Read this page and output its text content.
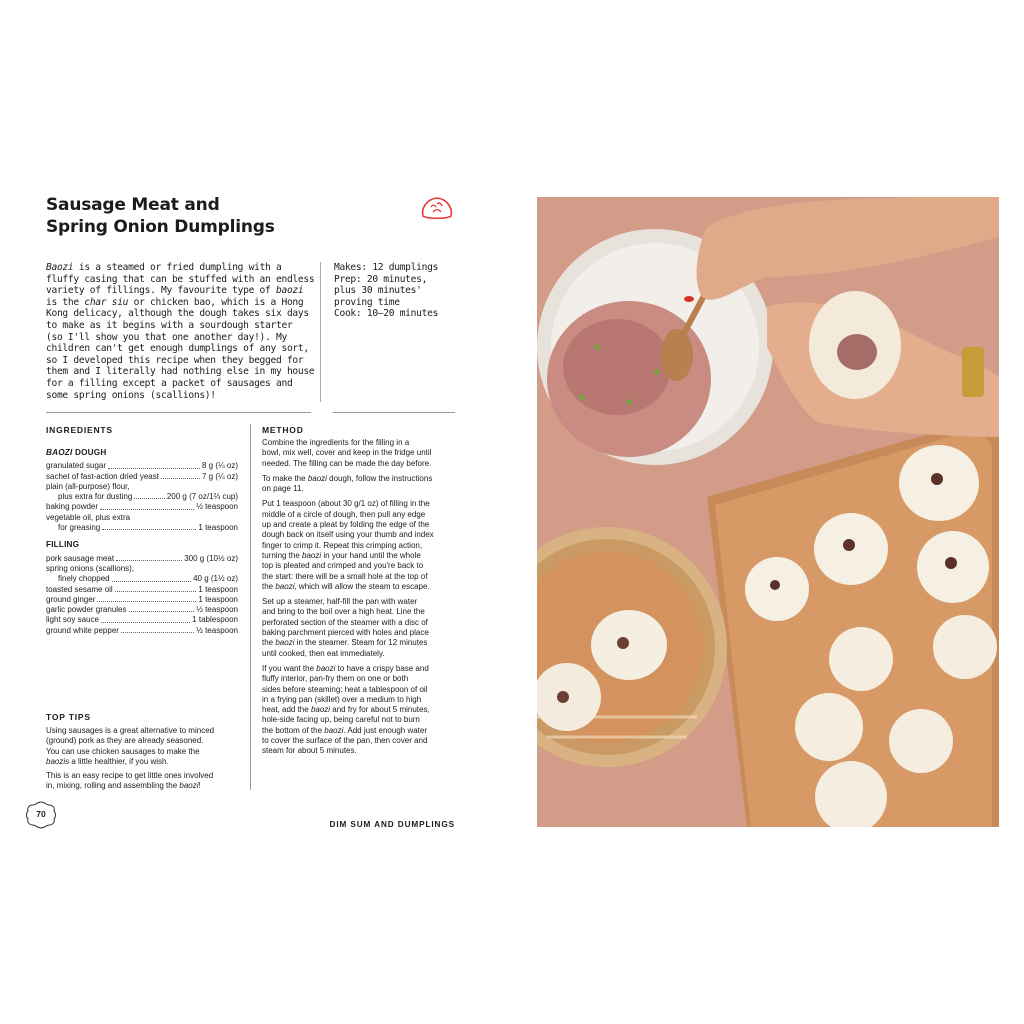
Sausage Meat and
Spring Onion Dumplings
Baozi is a steamed or fried dumpling with a
fluffy casing that can be stuffed with an endless
variety of fillings. My favourite type of baozi
is the char siu or chicken bao, which is a Hong
Kong delicacy, although the dough takes six days
to make as it begins with a sourdough starter
(so I'll show you that one another day!). My
children can't get enough dumplings of any sort,
so I developed this recipe when they begged for
them and I literally had nothing else in my house
for a filling except a packet of sausages and
some spring onions (scallions)!
Makes: 12 dumplings
Prep: 20 minutes,
plus 30 minutes'
proving time
Cook: 10–20 minutes
INGREDIENTS	METHOD
BAOZI DOUGH
granulated sugar	8 g (¼ oz)
sachet of fast-action dried yeast	7 g (¼ oz)
plain (all-purpose) flour,
plus extra for dusting	200 g (7 oz/1⅔ cup)
baking powder	½ teaspoon
vegetable oil, plus extra
for greasing	1 teaspoon
FILLING
pork sausage meat	300 g (10½ oz)
spring onions (scallions),
finely chopped	40 g (1½ oz)
toasted sesame oil	1 teaspoon
ground ginger	1 teaspoon
garlic powder granules	½ teaspoon
light soy sauce	1 tablespoon
ground white pepper	½ teaspoon

Combine the ingredients for the filling in a
bowl, mix well, cover and keep in the fridge until
needed. The filling can be made the day before.

To make the baozi dough, follow the instructions
on page 11.

Put 1 teaspoon (about 30 g/1 oz) of filling in the
middle of a circle of dough, then pull any edge
up and create a pleat by folding the edge of the
dough back on itself using your thumb and index
finger to crimp it. Repeat this crimping action,
turning the baozi in your hand until the whole
top is pleated and crimped and you're back to
the start: there will be a small hole at the top of
the baozi, which will allow the steam to escape.

Set up a steamer, half-fill the pan with water
and bring to the boil over a high heat. Line the
perforated section of the steamer with a disc of
baking parchment pierced with holes and place
the baozi in the steamer. Steam for 12 minutes
until cooked, then eat immediately.

If you want the baozi to have a crispy base and
fluffy interior, pan-fry them on one or both
sides before steaming: heat a tablespoon of oil
in a frying pan (skillet) over a medium to high
heat, add the baozi and fry for about 5 minutes,
hole-side facing up, being careful not to burn
the bottom of the baozi. Add just enough water
to cover the surface of the pan, then cover and
steam for about 5 minutes.

TOP TIPS

Using sausages is a great alternative to minced
(ground) pork as they are already seasoned.
You can use chicken sausages to make the
baozis a little healthier, if you wish.

This is an easy recipe to get little ones involved
in, mixing, rolling and assembling the baozi!

70
DIM SUM AND DUMPLINGS
